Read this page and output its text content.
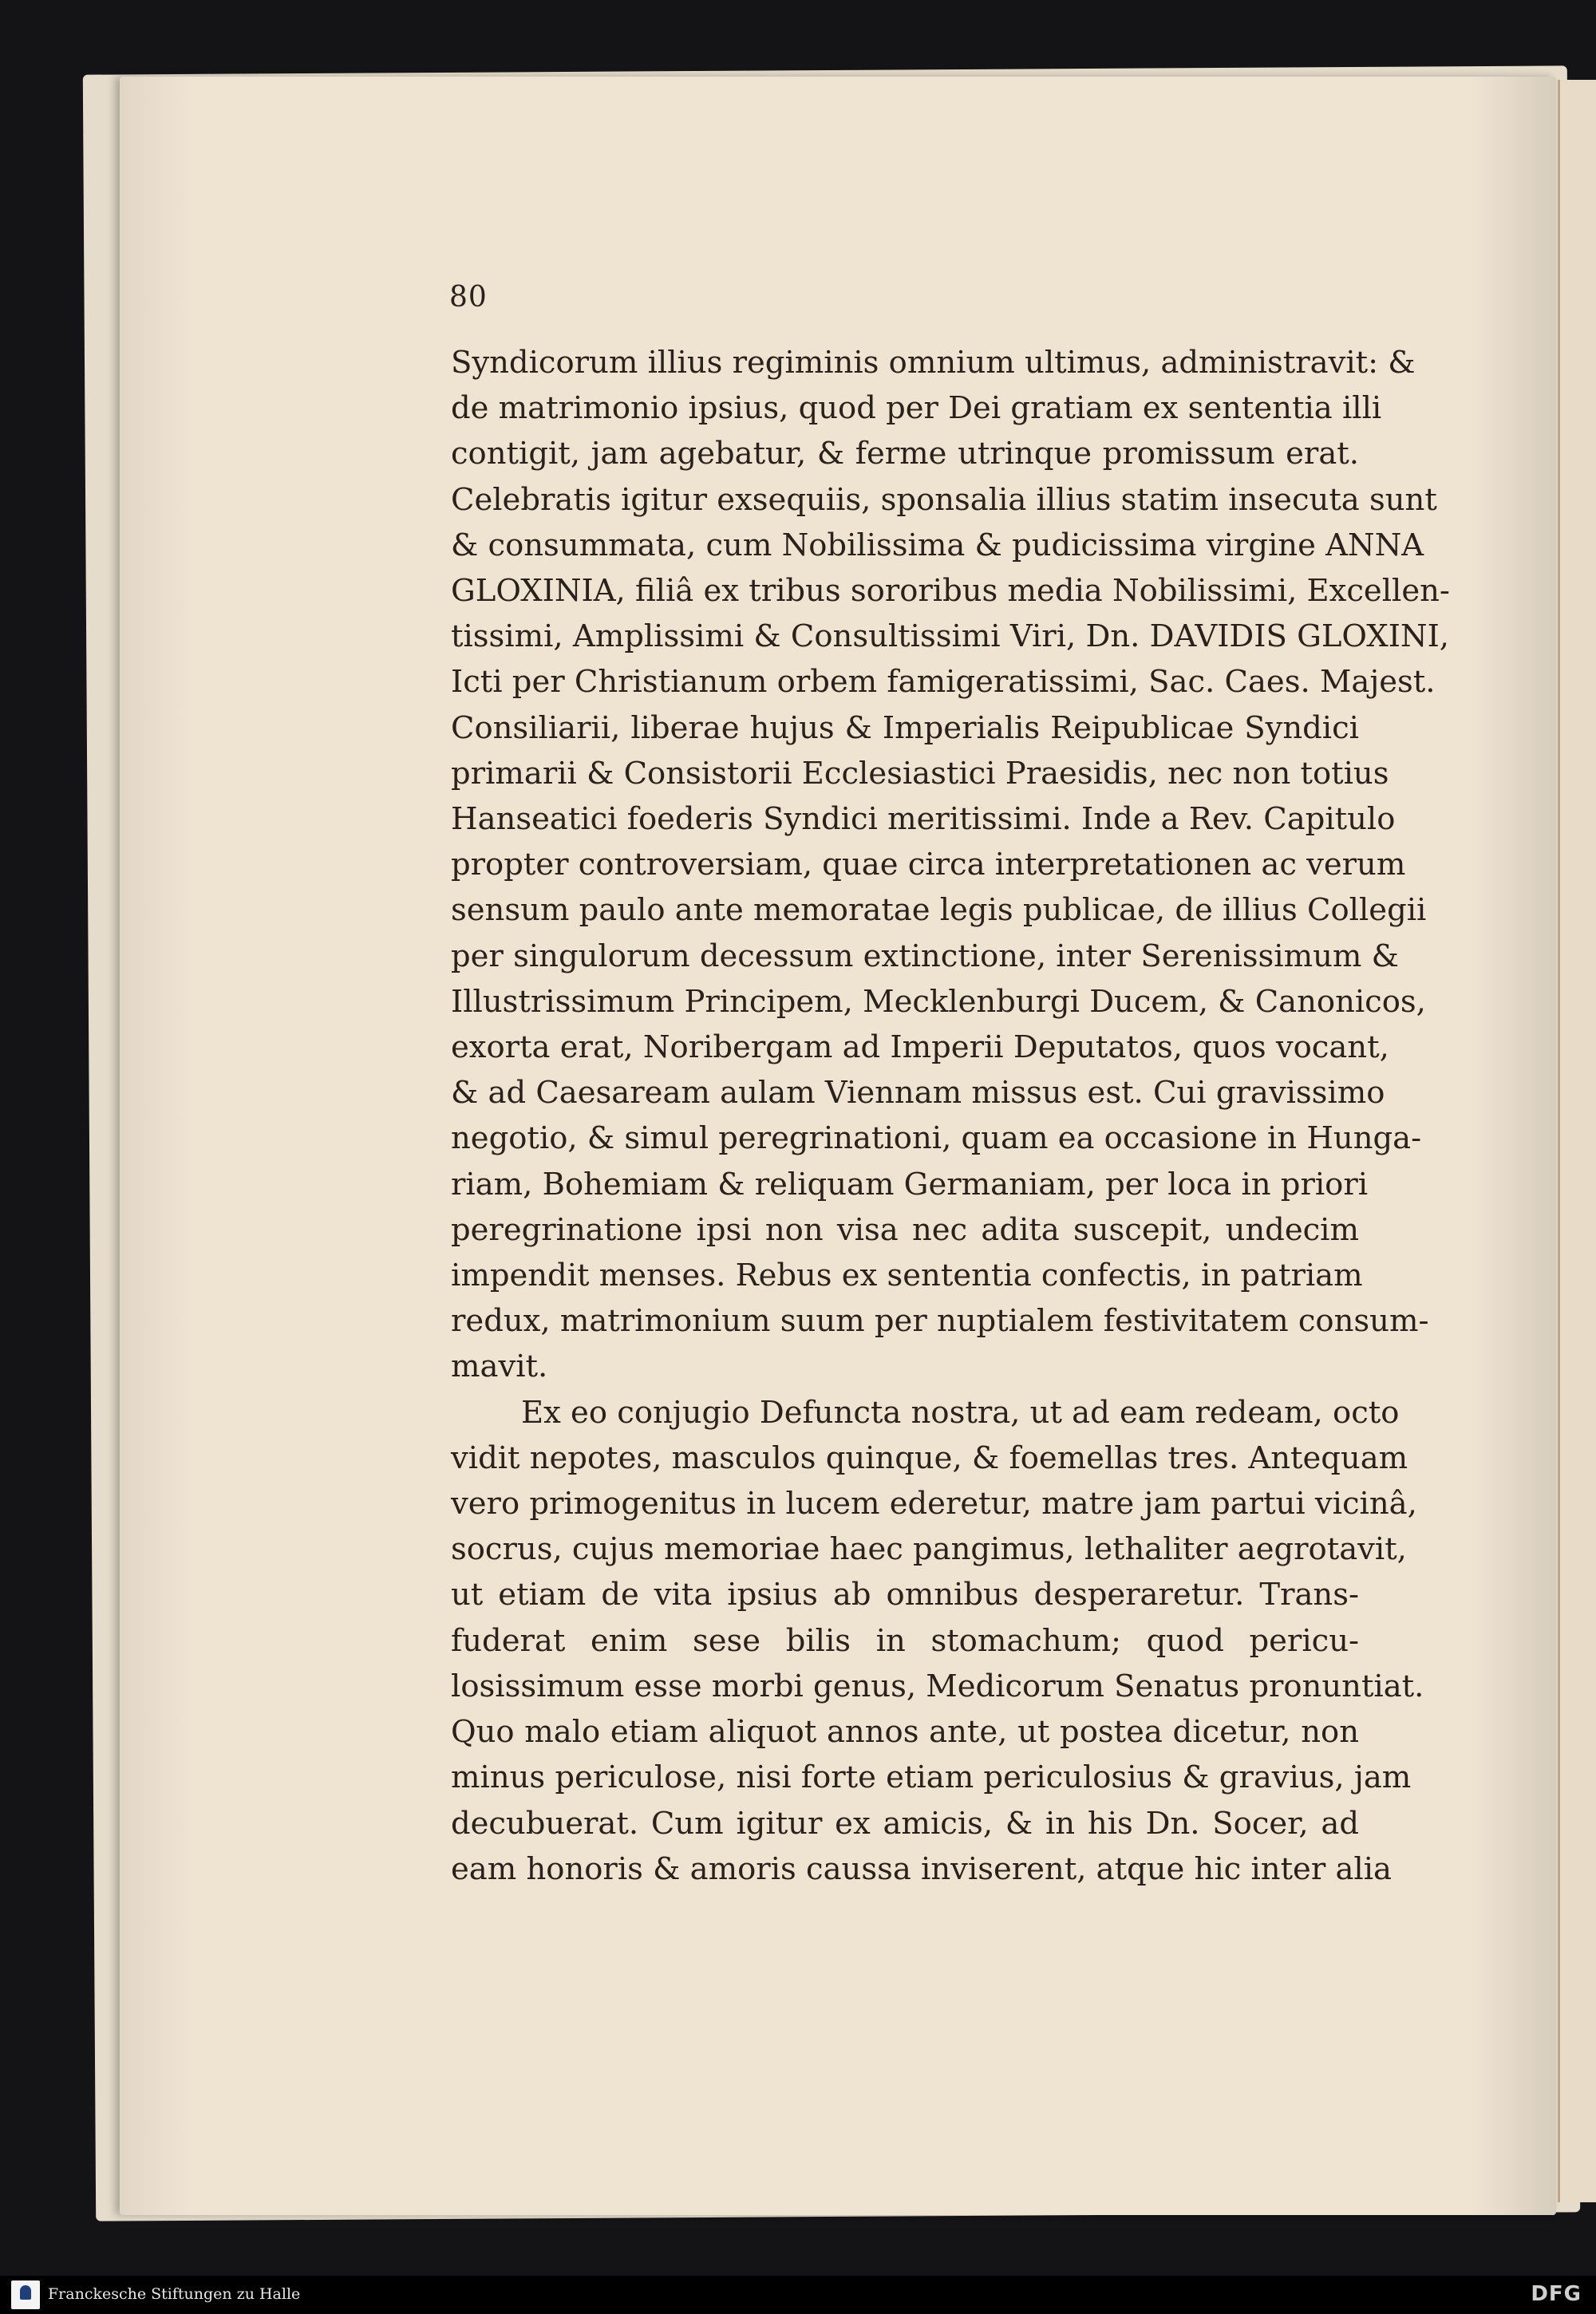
80
Syndicorum illius regiminis omnium ultimus, administravit: &
de matrimonio ipsius, quod per Dei gratiam ex sententia illi
contigit, jam agebatur, & ferme utrinque promissum erat.
Celebratis igitur exsequiis, sponsalia illius statim insecuta sunt
& consummata, cum Nobilissima & pudicissima virgine ANNA
GLOXINIA, filiâ ex tribus sororibus media Nobilissimi, Excellen-
tissimi, Amplissimi & Consultissimi Viri, Dn. DAVIDIS GLOXINI,
Icti per Christianum orbem famigeratissimi, Sac. Caes. Majest.
Consiliarii, liberae hujus & Imperialis Reipublicae Syndici
primarii & Consistorii Ecclesiastici Praesidis, nec non totius
Hanseatici foederis Syndici meritissimi. Inde a Rev. Capitulo
propter controversiam, quae circa interpretationen ac verum
sensum paulo ante memoratae legis publicae, de illius Collegii
per singulorum decessum extinctione, inter Serenissimum &
Illustrissimum Principem, Mecklenburgi Ducem, & Canonicos,
exorta erat, Noribergam ad Imperii Deputatos, quos vocant,
& ad Caesaream aulam Viennam missus est. Cui gravissimo
negotio, & simul peregrinationi, quam ea occasione in Hunga-
riam, Bohemiam & reliquam Germaniam, per loca in priori
peregrinatione ipsi non visa nec adita suscepit, undecim
impendit menses. Rebus ex sententia confectis, in patriam
redux, matrimonium suum per nuptialem festivitatem consum-
mavit.
Ex eo conjugio Defuncta nostra, ut ad eam redeam, octo
vidit nepotes, masculos quinque, & foemellas tres. Antequam
vero primogenitus in lucem ederetur, matre jam partui vicinâ,
socrus, cujus memoriae haec pangimus, lethaliter aegrotavit,
ut etiam de vita ipsius ab omnibus desperaretur. Trans-
fuderat enim sese bilis in stomachum; quod pericu-
losissimum esse morbi genus, Medicorum Senatus pronuntiat.
Quo malo etiam aliquot annos ante, ut postea dicetur, non
minus periculose, nisi forte etiam periculosius & gravius, jam
decubuerat. Cum igitur ex amicis, & in his Dn. Socer, ad
eam honoris & amoris caussa inviserent, atque hic inter alia
Franckesche Stiftungen zu Halle	DFG
